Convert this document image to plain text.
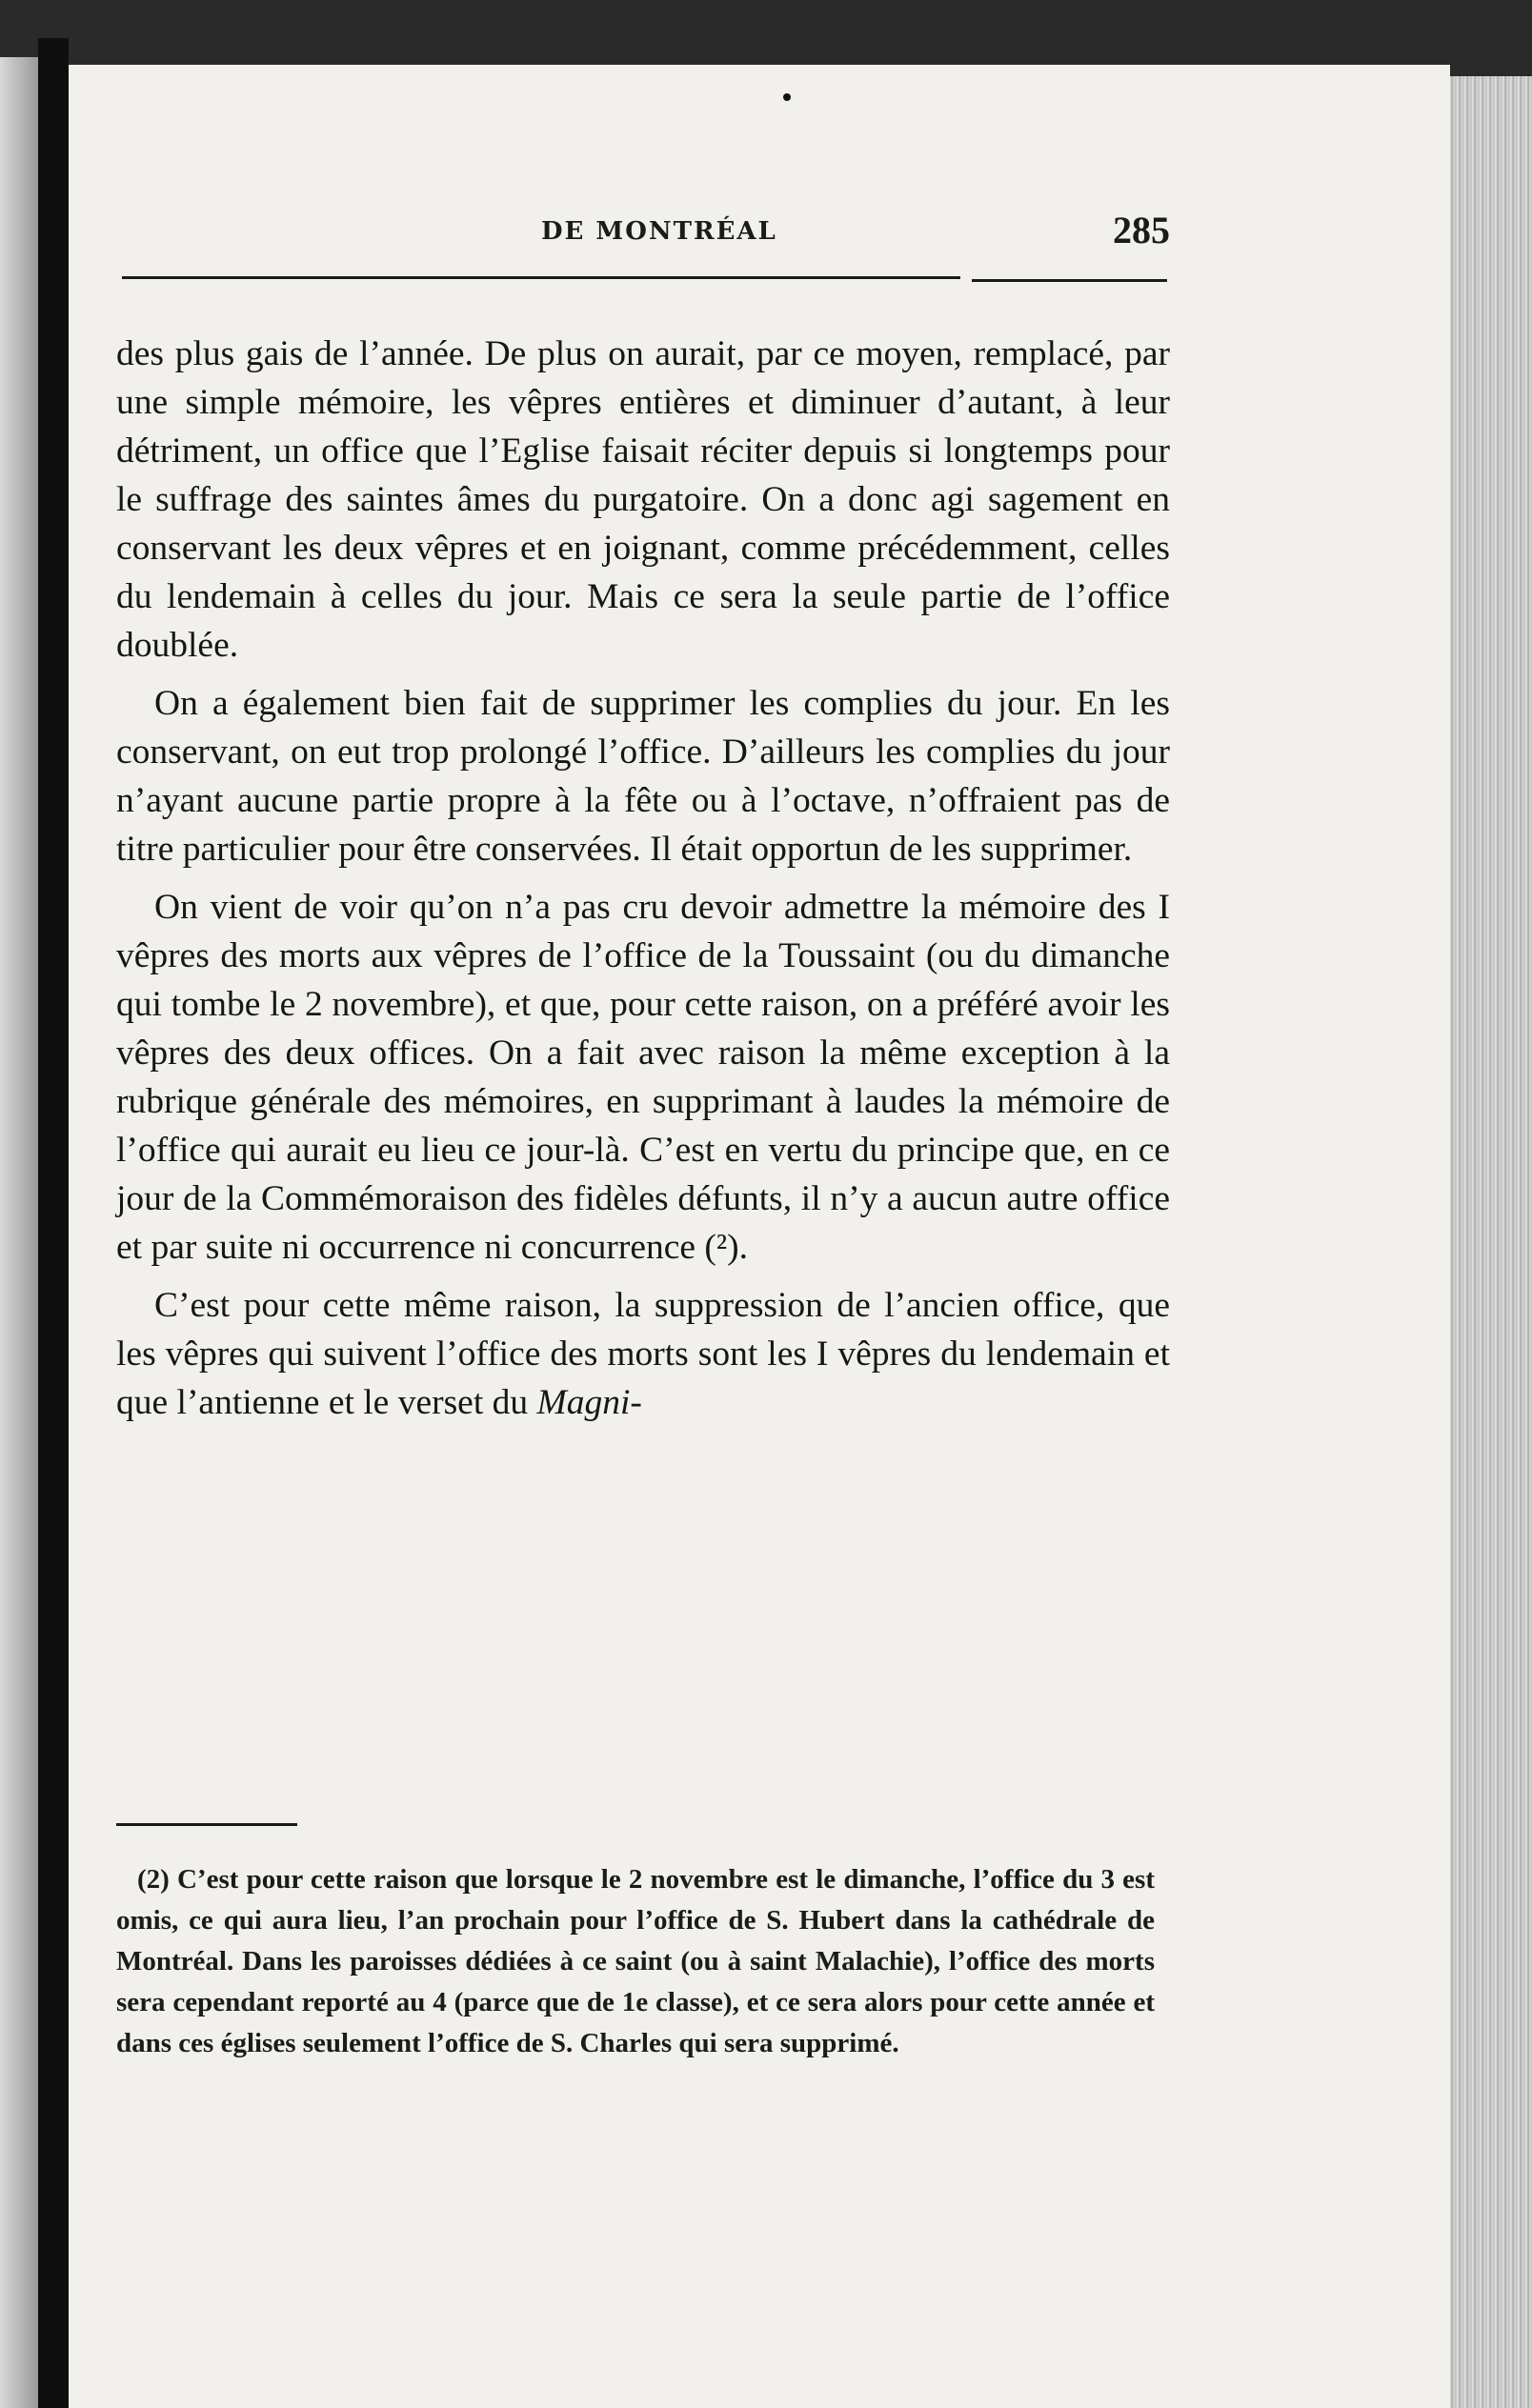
DE MONTRÉAL	285

des plus gais de l’année. De plus on aurait, par ce moyen, remplacé, par une simple mémoire, les vêpres entières et diminuer d’autant, à leur détriment, un office que l’Eglise faisait réciter depuis si longtemps pour le suffrage des saintes âmes du purgatoire. On a donc agi sagement en conservant les deux vêpres et en joignant, comme précédemment, celles du lendemain à celles du jour. Mais ce sera la seule partie de l’office doublée.

On a également bien fait de supprimer les complies du jour. En les conservant, on eut trop prolongé l’office. D’ailleurs les complies du jour n’ayant aucune partie propre à la fête ou à l’octave, n’offraient pas de titre particulier pour être conservées. Il était opportun de les supprimer.

On vient de voir qu’on n’a pas cru devoir admettre la mémoire des I vêpres des morts aux vêpres de l’office de la Toussaint (ou du dimanche qui tombe le 2 novembre), et que, pour cette raison, on a préféré avoir les vêpres des deux offices. On a fait avec raison la même exception à la rubrique générale des mémoires, en supprimant à laudes la mémoire de l’office qui aurait eu lieu ce jour-là. C’est en vertu du principe que, en ce jour de la Commémoraison des fidèles défunts, il n’y a aucun autre office et par suite ni occurrence ni concurrence (²).

C’est pour cette même raison, la suppression de l’ancien office, que les vêpres qui suivent l’office des morts sont les I vêpres du lendemain et que l’antienne et le verset du Magni-

(2) C’est pour cette raison que lorsque le 2 novembre est le dimanche, l’office du 3 est omis, ce qui aura lieu, l’an prochain pour l’office de S. Hubert dans la cathédrale de Montréal. Dans les paroisses dédiées à ce saint (ou à saint Malachie), l’office des morts sera cependant reporté au 4 (parce que de 1e classe), et ce sera alors pour cette année et dans ces églises seulement l’office de S. Charles qui sera supprimé.
